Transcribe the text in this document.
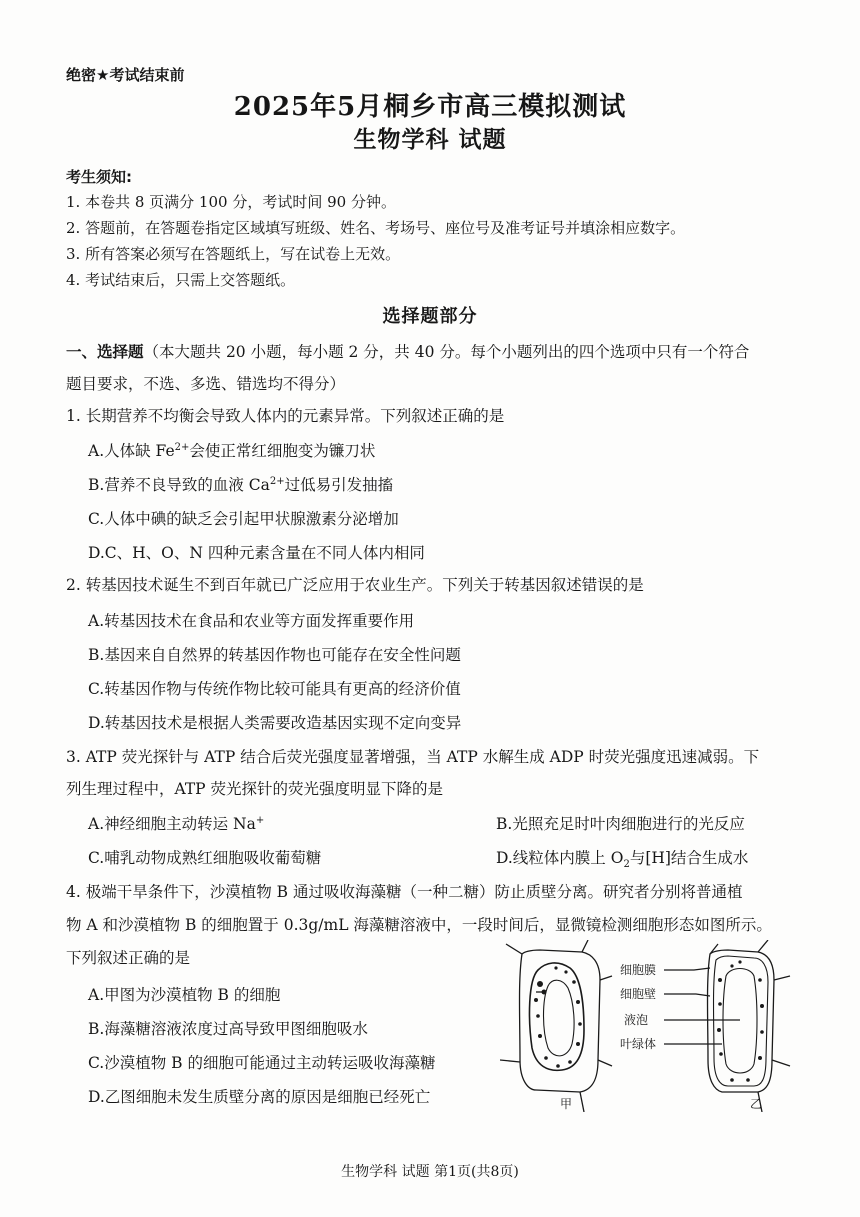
绝密★考试结束前
2025年5月桐乡市高三模拟测试
生物学科 试题
考生须知:
1. 本卷共 8 页满分 100 分，考试时间 90 分钟。
2. 答题前，在答题卷指定区域填写班级、姓名、考场号、座位号及准考证号并填涂相应数字。
3. 所有答案必须写在答题纸上，写在试卷上无效。
4. 考试结束后，只需上交答题纸。
选择题部分
一、选择题（本大题共 20 小题，每小题 2 分，共 40 分。每个小题列出的四个选项中只有一个符合
题目要求，不选、多选、错选均不得分）
1. 长期营养不均衡会导致人体内的元素异常。下列叙述正确的是
A.人体缺 $Fe^{2+}$会使正常红细胞变为镰刀状
B.营养不良导致的血液 $Ca^{2+}$过低易引发抽搐
C.人体中碘的缺乏会引起甲状腺激素分泌增加
D.C、H、O、N 四种元素含量在不同人体内相同
2. 转基因技术诞生不到百年就已广泛应用于农业生产。下列关于转基因叙述错误的是
A.转基因技术在食品和农业等方面发挥重要作用
B.基因来自自然界的转基因作物也可能存在安全性问题
C.转基因作物与传统作物比较可能具有更高的经济价值
D.转基因技术是根据人类需要改造基因实现不定向变异
3. ATP 荧光探针与 ATP 结合后荧光强度显著增强，当 ATP 水解生成 ADP 时荧光强度迅速减弱。下
列生理过程中，ATP 荧光探针的荧光强度明显下降的是
A.神经细胞主动转运 Na+	B.光照充足时叶肉细胞进行的光反应
C.哺乳动物成熟红细胞吸收葡萄糖	D.线粒体内膜上 $O_2$与[H]结合生成水
4. 极端干旱条件下，沙漠植物 B 通过吸收海藻糖（一种二糖）防止质壁分离。研究者分别将普通植
物 A 和沙漠植物 B 的细胞置于 0.3g/mL 海藻糖溶液中，一段时间后，显微镜检测细胞形态如图所示。
下列叙述正确的是
A.甲图为沙漠植物 B 的细胞
B.海藻糖溶液浓度过高导致甲图细胞吸水
C.沙漠植物 B 的细胞可能通过主动转运吸收海藻糖
D.乙图细胞未发生质壁分离的原因是细胞已经死亡
细胞膜
细胞壁
液泡
叶绿体
甲	乙
生物学科 试题 第1页(共8页)
